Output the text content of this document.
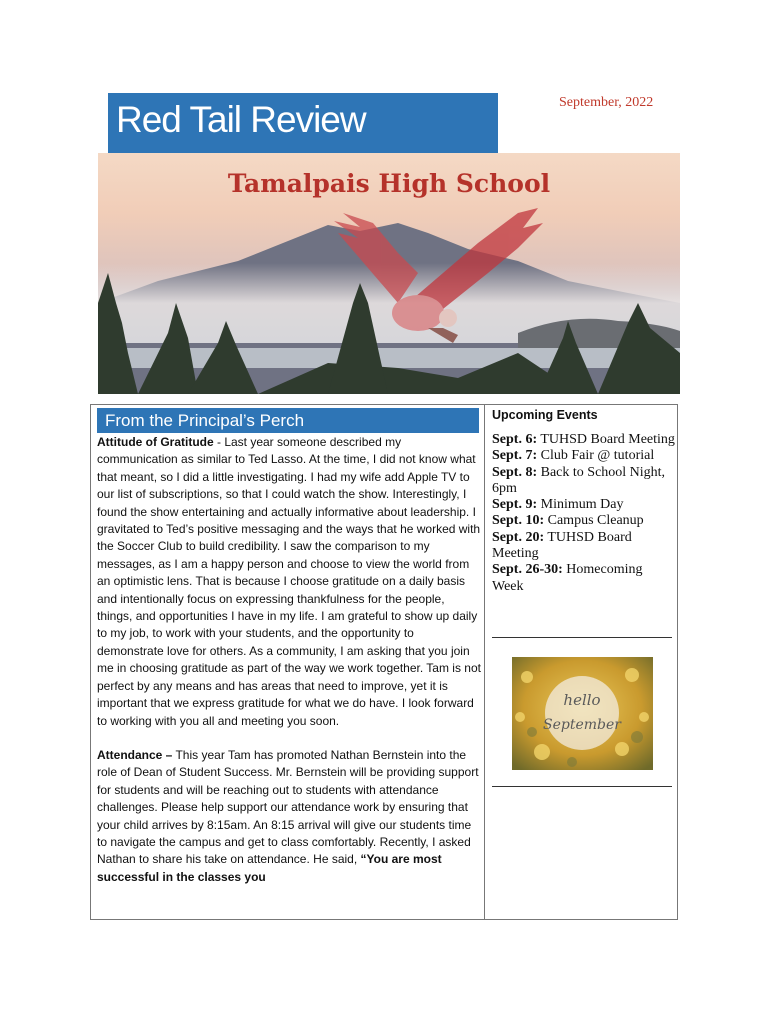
Red Tail Review	September, 2022
Tamalpais High School
From the Principal’s Perch

Attitude of Gratitude - Last year someone described my communication as similar to Ted Lasso. At the time, I did not know what that meant, so I did a little investigating. I had my wife add Apple TV to our list of subscriptions, so that I could watch the show. Interestingly, I found the show entertaining and actually informative about leadership. I gravitated to Ted’s positive messaging and the ways that he worked with the Soccer Club to build credibility. I saw the comparison to my messages, as I am a happy person and choose to view the world from an optimistic lens. That is because I choose gratitude on a daily basis and intentionally focus on expressing thankfulness for the people, things, and opportunities I have in my life. I am grateful to show up daily to my job, to work with your students, and the opportunity to demonstrate love for others. As a community, I am asking that you join me in choosing gratitude as part of the way we work together. Tam is not perfect by any means and has areas that need to improve, yet it is important that we express gratitude for what we do have. I look forward to working with you all and meeting you soon.

Attendance – This year Tam has promoted Nathan Bernstein into the role of Dean of Student Success. Mr. Bernstein will be providing support for students and will be reaching out to students with attendance challenges. Please help support our attendance work by ensuring that your child arrives by 8:15am. An 8:15 arrival will give our students time to navigate the campus and get to class comfortably. Recently, I asked Nathan to share his take on attendance. He said, “You are most successful in the classes you

Upcoming Events
Sept. 6: TUHSD Board Meeting
Sept. 7: Club Fair @ tutorial
Sept. 8: Back to School Night, 6pm
Sept. 9: Minimum Day
Sept. 10: Campus Cleanup
Sept. 20: TUHSD Board Meeting
Sept. 26-30: Homecoming Week
hello
September
